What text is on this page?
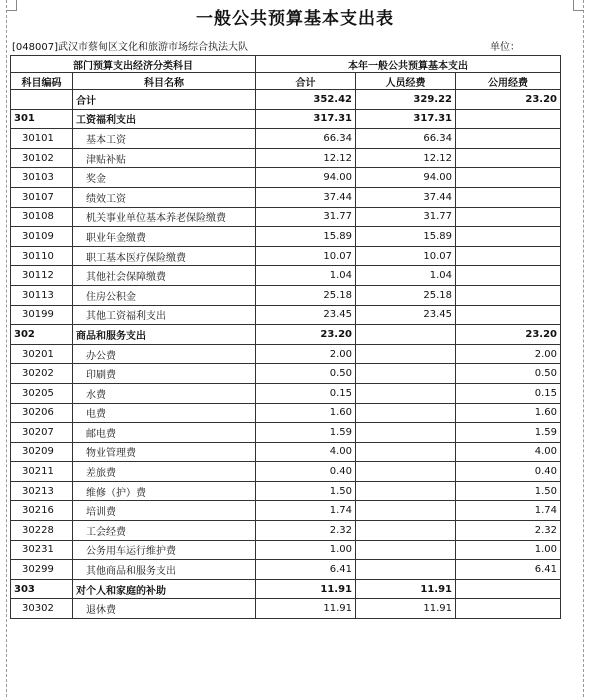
一般公共预算基本支出表
[048007]武汉市蔡甸区文化和旅游市场综合执法大队	单位：
部门预算支出经济分类科目		本年一般公共预算基本支出		
科目编码	科目名称	合计	人员经费	公用经费
	合计	352.42	329.22	23.20
301	工资福利支出	317.31	317.31	
30101	基本工资	66.34	66.34	
30102	津贴补贴	12.12	12.12	
30103	奖金	94.00	94.00	
30107	绩效工资	37.44	37.44	
30108	机关事业单位基本养老保险缴费	31.77	31.77	
30109	职业年金缴费	15.89	15.89	
30110	职工基本医疗保险缴费	10.07	10.07	
30112	其他社会保障缴费	1.04	1.04	
30113	住房公积金	25.18	25.18	
30199	其他工资福利支出	23.45	23.45	
302	商品和服务支出	23.20		23.20
30201	办公费	2.00		2.00
30202	印刷费	0.50		0.50
30205	水费	0.15		0.15
30206	电费	1.60		1.60
30207	邮电费	1.59		1.59
30209	物业管理费	4.00		4.00
30211	差旅费	0.40		0.40
30213	维修（护）费	1.50		1.50
30216	培训费	1.74		1.74
30228	工会经费	2.32		2.32
30231	公务用车运行维护费	1.00		1.00
30299	其他商品和服务支出	6.41		6.41
303	对个人和家庭的补助	11.91	11.91	
30302	退休费	11.91	11.91	
